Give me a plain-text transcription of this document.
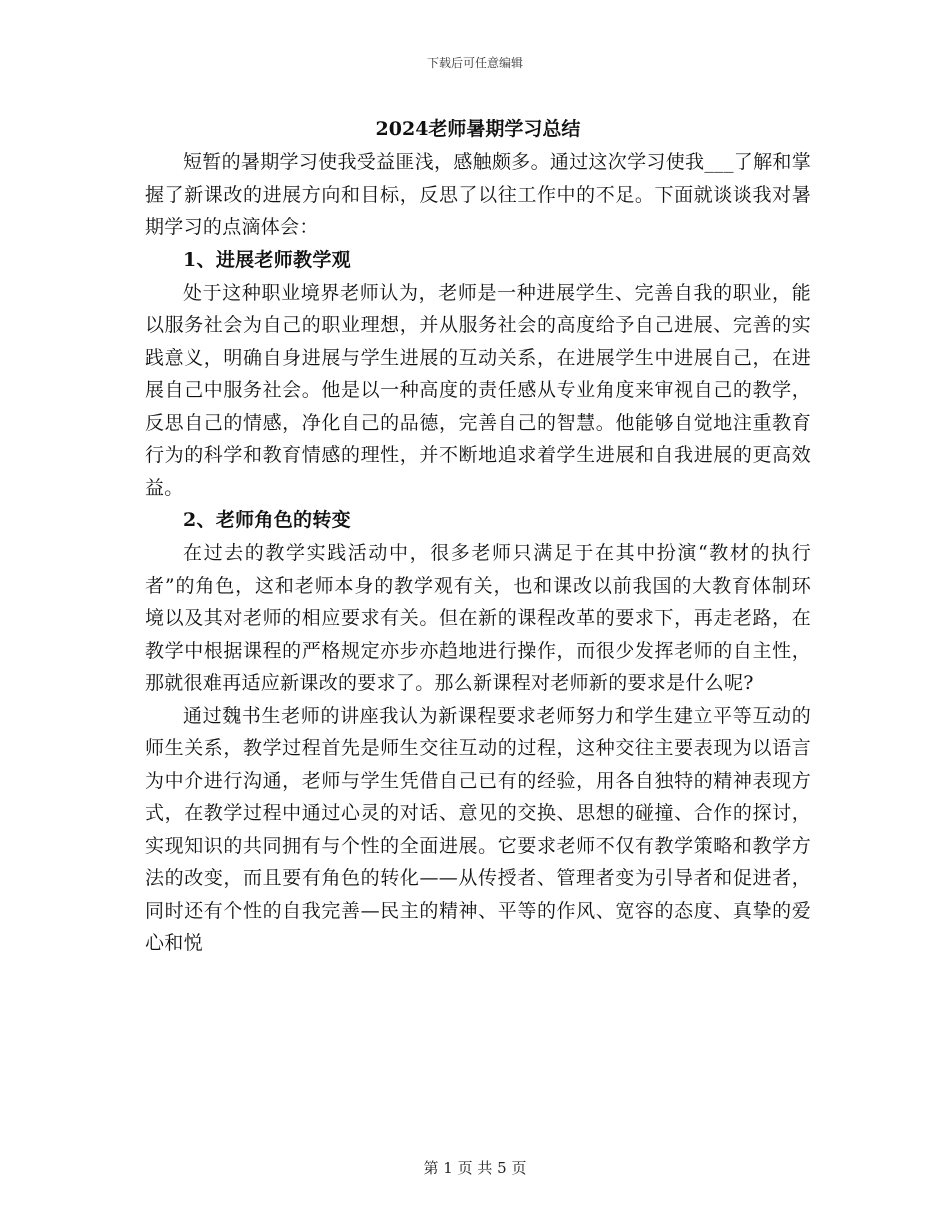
下载后可任意编辑
2024老师暑期学习总结

短暂的暑期学习使我受益匪浅，感触颇多。通过这次学习使我___了解和掌握了新课改的进展方向和目标，反思了以往工作中的不足。下面就谈谈我对暑期学习的点滴体会：

1、进展老师教学观

处于这种职业境界老师认为，老师是一种进展学生、完善自我的职业，能以服务社会为自己的职业理想，并从服务社会的高度给予自己进展、完善的实践意义，明确自身进展与学生进展的互动关系，在进展学生中进展自己，在进展自己中服务社会。他是以一种高度的责任感从专业角度来审视自己的教学，反思自己的情感，净化自己的品德，完善自己的智慧。他能够自觉地注重教育行为的科学和教育情感的理性，并不断地追求着学生进展和自我进展的更高效益。

2、老师角色的转变

在过去的教学实践活动中，很多老师只满足于在其中扮演“教材的执行者”的角色，这和老师本身的教学观有关，也和课改以前我国的大教育体制环境以及其对老师的相应要求有关。但在新的课程改革的要求下，再走老路，在教学中根据课程的严格规定亦步亦趋地进行操作，而很少发挥老师的自主性，那就很难再适应新课改的要求了。那么新课程对老师新的要求是什么呢?

通过魏书生老师的讲座我认为新课程要求老师努力和学生建立平等互动的师生关系，教学过程首先是师生交往互动的过程，这种交往主要表现为以语言为中介进行沟通，老师与学生凭借自己已有的经验，用各自独特的精神表现方式，在教学过程中通过心灵的对话、意见的交换、思想的碰撞、合作的探讨，实现知识的共同拥有与个性的全面进展。它要求老师不仅有教学策略和教学方法的改变，而且要有角色的转化——从传授者、管理者变为引导者和促进者，同时还有个性的自我完善—民主的精神、平等的作风、宽容的态度、真挚的爱心和悦

第 1 页 共 5 页
